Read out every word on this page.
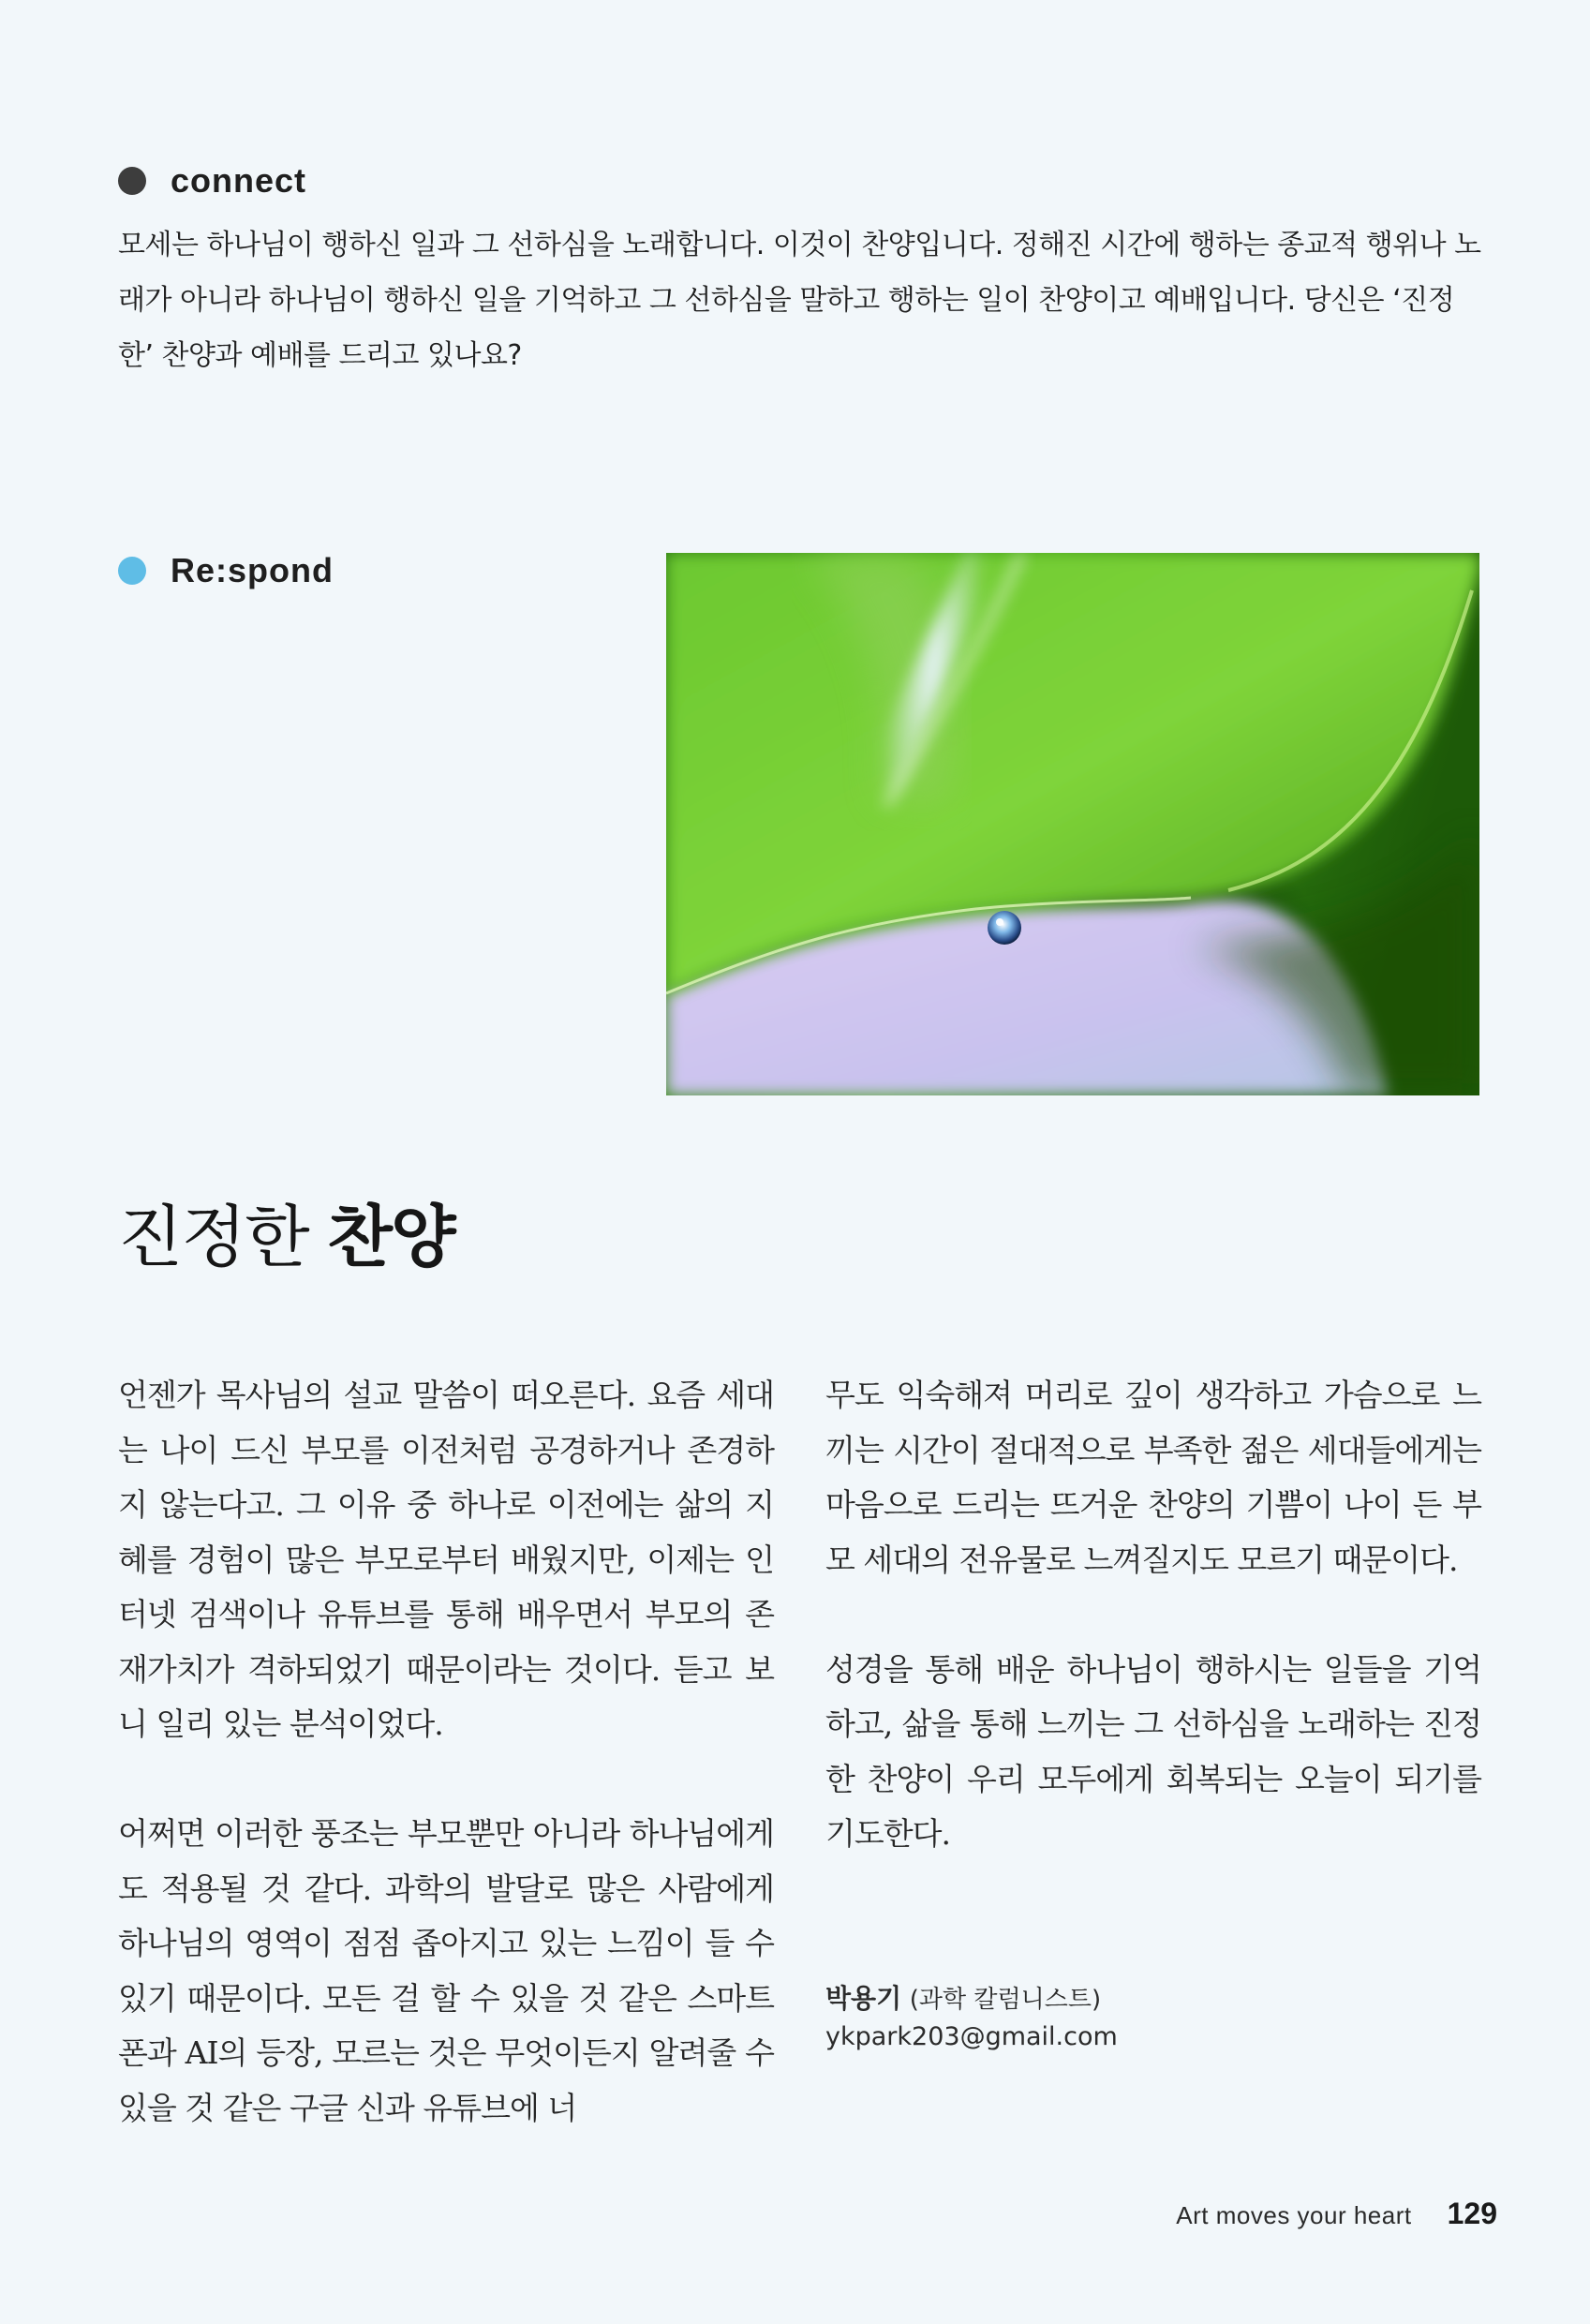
connect

모세는 하나님이 행하신 일과 그 선하심을 노래합니다. 이것이 찬양입니다. 정해진 시간에 행하는 종교적 행위나 노래가 아니라 하나님이 행하신 일을 기억하고 그 선하심을 말하고 행하는 일이 찬양이고 예배입니다. 당신은 ‘진정한’ 찬양과 예배를 드리고 있나요?

Re:spond
진정한 찬양

언젠가 목사님의 설교 말씀이 떠오른다. 요즘 세대는 나이 드신 부모를 이전처럼 공경하거나 존경하지 않는다고. 그 이유 중 하나로 이전에는 삶의 지혜를 경험이 많은 부모로부터 배웠지만, 이제는 인터넷 검색이나 유튜브를 통해 배우면서 부모의 존재가치가 격하되었기 때문이라는 것이다. 듣고 보니 일리 있는 분석이었다.

어쩌면 이러한 풍조는 부모뿐만 아니라 하나님에게도 적용될 것 같다. 과학의 발달로 많은 사람에게 하나님의 영역이 점점 좁아지고 있는 느낌이 들 수 있기 때문이다. 모든 걸 할 수 있을 것 같은 스마트폰과 AI의 등장, 모르는 것은 무엇이든지 알려줄 수 있을 것 같은 구글 신과 유튜브에 너

무도 익숙해져 머리로 깊이 생각하고 가슴으로 느끼는 시간이 절대적으로 부족한 젊은 세대들에게는 마음으로 드리는 뜨거운 찬양의 기쁨이 나이 든 부모 세대의 전유물로 느껴질지도 모르기 때문이다.

성경을 통해 배운 하나님이 행하시는 일들을 기억하고, 삶을 통해 느끼는 그 선하심을 노래하는 진정한 찬양이 우리 모두에게 회복되는 오늘이 되기를 기도한다.

박용기 (과학 칼럼니스트)
ykpark203@gmail.com
Art moves your heart 129
